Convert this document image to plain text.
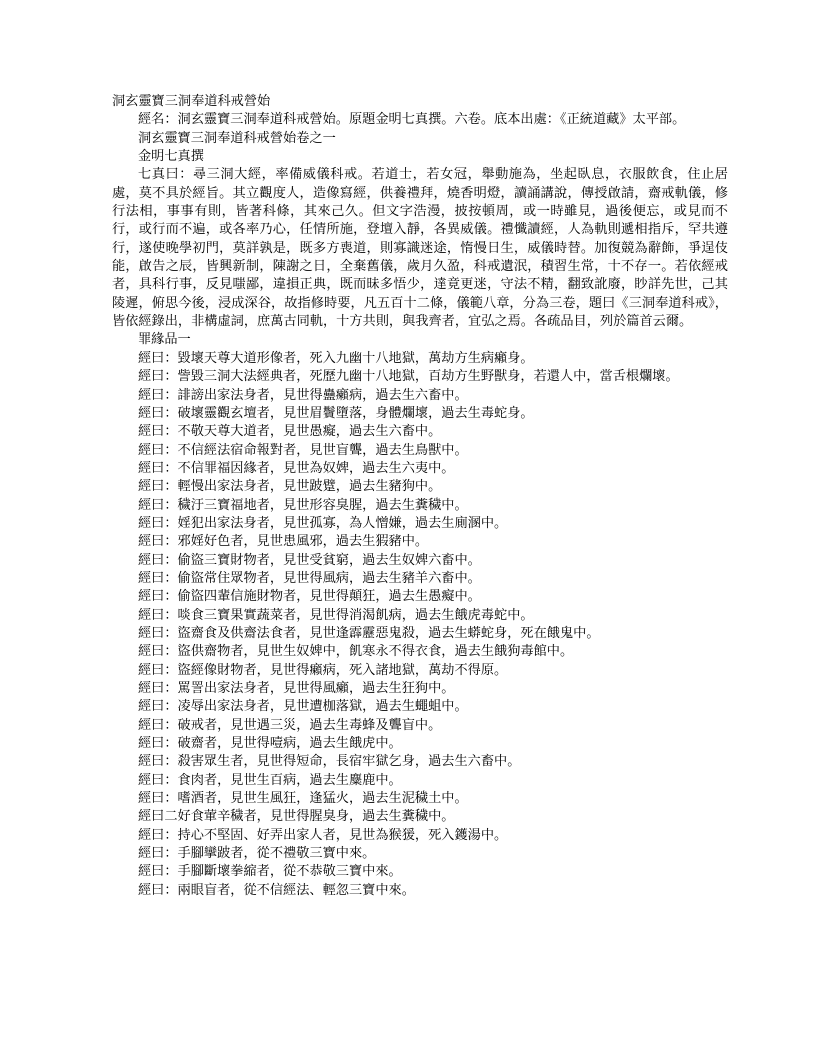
洞玄靈寶三洞奉道科戒營始

經名：洞玄靈寶三洞奉道科戒營始。原題金明七真撰。六卷。底本出處：《正統道藏》太平部。

洞玄靈寶三洞奉道科戒營始卷之一

金明七真撰

七真曰：尋三洞大經，率備威儀科戒。若道士，若女冠，舉動施為，坐起臥息，衣服飲食，住止居處，莫不具於經旨。其立觀度人，造像寫經，供養禮拜，燒香明燈，讀誦講說，傳授啟請，齋戒軌儀，修行法相，事事有則，皆著科條，其來己久。但文字浩漫，披按頓周，或一時雖見，過後便忘，或見而不行，或行而不遍，或各率乃心，任情所施，登壇入靜，各異威儀。禮懺讀經，人為軌則遞相指斥，罕共遵行，遂使晚學初門，莫詳孰是，既多方喪道，則寡識迷途，惰慢日生，威儀時替。加復競為辭飾，爭逞伎能，啟告之辰，皆興新制，陳謝之日，全棄舊儀，歲月久盈，科戒遺泯，積習生常，十不存一。若依經戒者，具科行事，反見嗤鄙，違損正典，既而昧多悟少，達竟更迷，守法不精，翻致訛廢，眇詳先世，己其陵遲，俯思今後，浸成深谷，故指修時要，凡五百十二條，儀範八章，分為三卷，題曰《三洞奉道科戒》，皆依經錄出，非構虛詞，庶萬古同軌，十方共則，與我齊者，宜弘之焉。各疏品目，列於篇首云爾。

罪緣品一

經曰：毀壞天尊大道形像者，死入九幽十八地獄，萬劫方生病癩身。

經曰：訾毀三洞大法經典者，死歷九幽十八地獄，百劫方生野獸身，若還人中，當舌根爛壞。

經曰：誹謗出家法身者，見世得蠱癩病，過去生六畜中。

經曰：破壞靈觀玄壇者，見世眉鬢墮落，身體爛壞，過去生毒蛇身。

經曰：不敬天尊大道者，見世愚癡，過去生六畜中。

經曰：不信經法宿命報對者，見世盲聾，過去生鳥獸中。

經曰：不信罪福因緣者，見世為奴婢，過去生六夷中。

經曰：輕慢出家法身者，見世跛躄，過去生豬狗中。

經曰：穢汙三寶福地者，見世形容臭腥，過去生糞穢中。

經曰：婬犯出家法身者，見世孤寡，為人憎嫌，過去生廁溷中。

經曰：邪婬好色者，見世患風邪，過去生猳豬中。

經曰：偷盜三寶財物者，見世受貧窮，過去生奴婢六畜中。

經曰：偷盜常住眾物者，見世得風病，過去生豬羊六畜中。

經曰：偷盜四輩信施財物者，見世得顛狂，過去生愚癡中。

經曰：啖食三寶果實蔬菜者，見世得消渴飢病，過去生餓虎毒蛇中。

經曰：盜齋食及供齋法食者，見世逢霹靂惡鬼殺，過去生蟒蛇身，死在餓鬼中。

經曰：盜供齋物者，見世生奴婢中，飢寒永不得衣食，過去生餓狗毒館中。

經曰：盜經像財物者，見世得癩病，死入諸地獄，萬劫不得原。

經曰：罵詈出家法身者，見世得風癩，過去生狂狗中。

經曰：凌辱出家法身者，見世遭枷落獄，過去生蠅蛆中。

經曰：破戒者，見世遇三災，過去生毒蜂及聾盲中。

經曰：破齋者，見世得噎病，過去生餓虎中。

經曰：殺害眾生者，見世得短命，長宿牢獄乞身，過去生六畜中。

經曰：食肉者，見世生百病，過去生麋鹿中。

經曰：嗜酒者，見世生風狂，逢猛火，過去生泥穢土中。

經曰二好食葷辛穢者，見世得腥臭身，過去生糞穢中。

經曰：持心不堅固、好弄出家人者，見世為猴猨，死入鑊湯中。

經曰：手腳攣跛者，從不禮敬三寶中來。

經曰：手腳斷壞拳縮者，從不恭敬三寶中來。

經曰：兩眼盲者，從不信經法、輕忽三寶中來。
